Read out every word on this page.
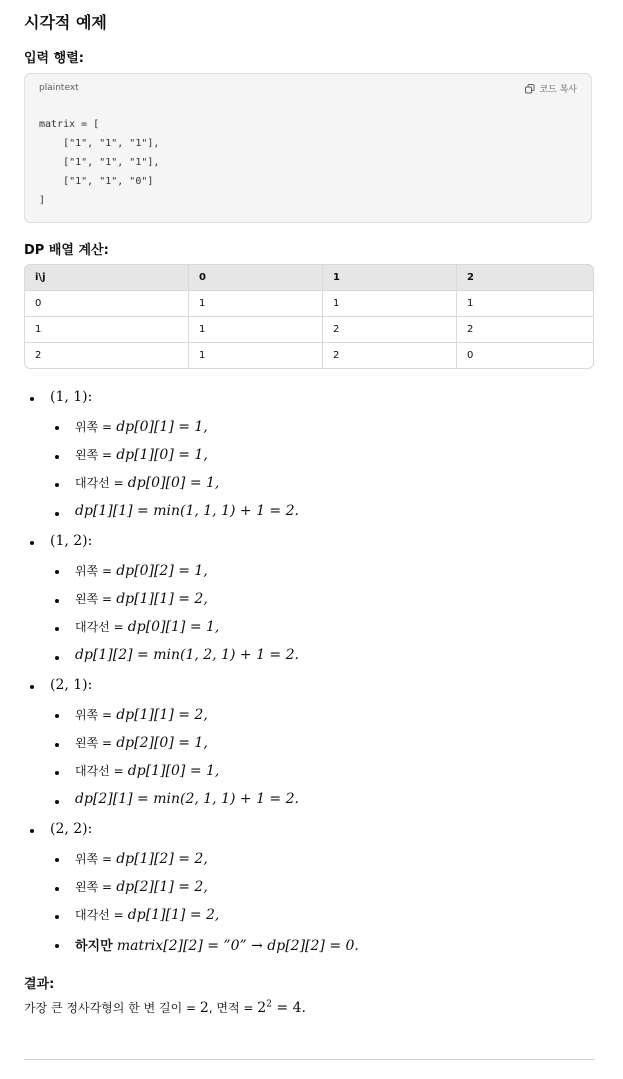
시각적 예제

입력 행렬:

plaintext	코드 복사
matrix = [
["1", "1", "1"],
["1", "1", "1"],
["1", "1", "0"]
]

DP 배열 계산:

i\j	0	1	2
0	1	1	1
1	1	2	2
2	1	2	0
(1, 1):
위쪽 = dp[0][1] = 1,
왼쪽 = dp[1][0] = 1,
대각선 = dp[0][0] = 1,
dp[1][1] = min(1, 1, 1) + 1 = 2.
(1, 2):
위쪽 = dp[0][2] = 1,
왼쪽 = dp[1][1] = 2,
대각선 = dp[0][1] = 1,
dp[1][2] = min(1, 2, 1) + 1 = 2.
(2, 1):
위쪽 = dp[1][1] = 2,
왼쪽 = dp[2][0] = 1,
대각선 = dp[1][0] = 1,
dp[2][1] = min(2, 1, 1) + 1 = 2.
(2, 2):
위쪽 = dp[1][2] = 2,
왼쪽 = dp[2][1] = 2,
대각선 = dp[1][1] = 2,
하지만 matrix[2][2] = ”0” → dp[2][2] = 0.

결과:

가장 큰 정사각형의 한 변 길이 = 2, 면적 = $2^2 = 4$.
